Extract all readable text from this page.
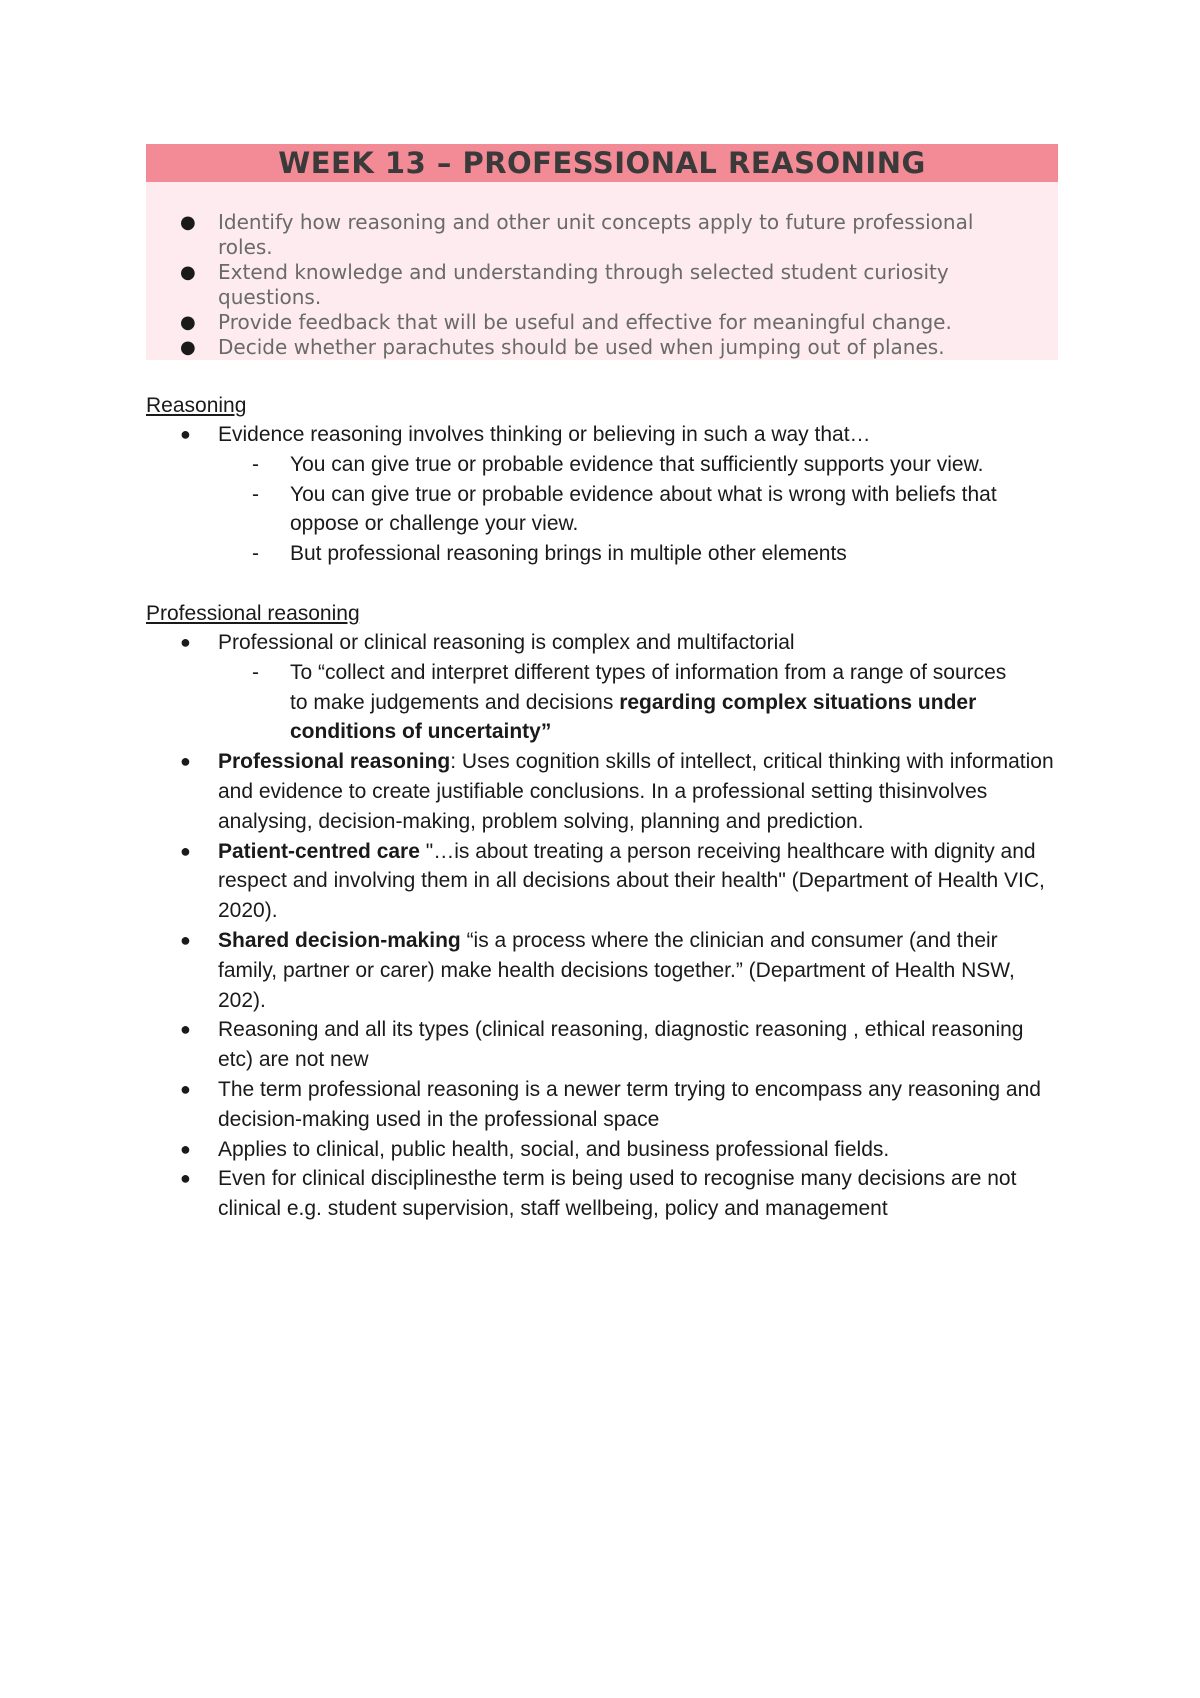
WEEK 13 – PROFESSIONAL REASONING
● Identify how reasoning and other unit concepts apply to future professional roles.
● Extend knowledge and understanding through selected student curiosity questions.
● Provide feedback that will be useful and effective for meaningful change.
● Decide whether parachutes should be used when jumping out of planes.

Reasoning

● Evidence reasoning involves thinking or believing in such a way that…
- You can give true or probable evidence that sufficiently supports your view.
- You can give true or probable evidence about what is wrong with beliefs that oppose or challenge your view.
- But professional reasoning brings in multiple other elements

Professional reasoning

● Professional or clinical reasoning is complex and multifactorial
- To “collect and interpret different types of information from a range of sources to make judgements and decisions regarding complex situations under conditions of uncertainty”
● Professional reasoning: Uses cognition skills of intellect, critical thinking with information and evidence to create justifiable conclusions. In a professional setting thisinvolves analysing, decision-making, problem solving, planning and prediction.
● Patient-centred care "…is about treating a person receiving healthcare with dignity and respect and involving them in all decisions about their health" (Department of Health VIC, 2020).
● Shared decision-making “is a process where the clinician and consumer (and their family, partner or carer) make health decisions together.” (Department of Health NSW, 202).
● Reasoning and all its types (clinical reasoning, diagnostic reasoning , ethical reasoning etc) are not new
● The term professional reasoning is a newer term trying to encompass any reasoning and decision-making used in the professional space
● Applies to clinical, public health, social, and business professional fields.
● Even for clinical disciplinesthe term is being used to recognise many decisions are not clinical e.g. student supervision, staff wellbeing, policy and management
